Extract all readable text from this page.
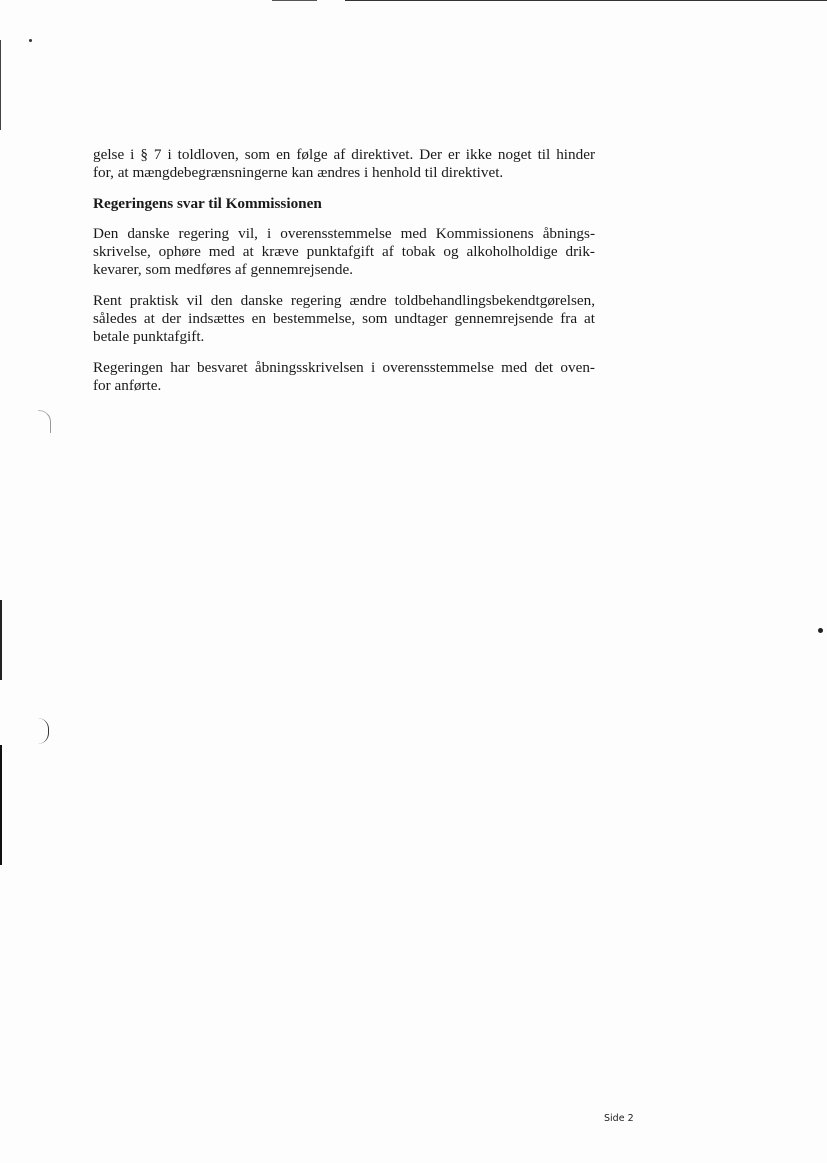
gelse i § 7 i toldloven, som en følge af direktivet. Der er ikke noget til hinder
for, at mængdebegrænsningerne kan ændres i henhold til direktivet.

Regeringens svar til Kommissionen

Den danske regering vil, i overensstemmelse med Kommissionens åbnings-
skrivelse, ophøre med at kræve punktafgift af tobak og alkoholholdige drik-
kevarer, som medføres af gennemrejsende.

Rent praktisk vil den danske regering ændre toldbehandlingsbekendtgørelsen,
således at der indsættes en bestemmelse, som undtager gennemrejsende fra at
betale punktafgift.

Regeringen har besvaret åbningsskrivelsen i overensstemmelse med det oven-
for anførte.

Side 2
